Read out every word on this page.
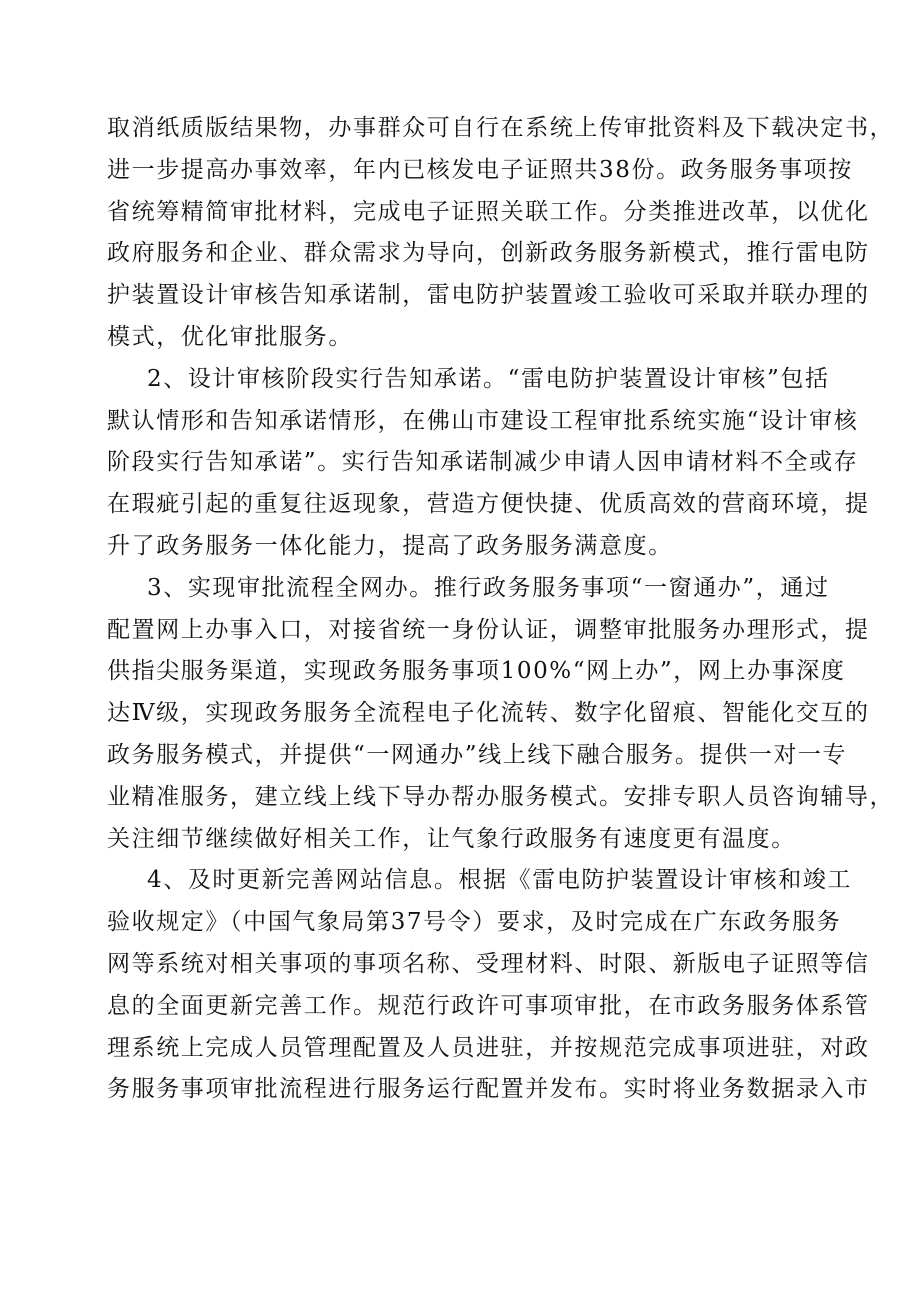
取消纸质版结果物，办事群众可自行在系统上传审批资料及下载决定书，
进一步提高办事效率，年内已核发电子证照共38份。政务服务事项按
省统筹精简审批材料，完成电子证照关联工作。分类推进改革，以优化
政府服务和企业、群众需求为导向，创新政务服务新模式，推行雷电防
护装置设计审核告知承诺制，雷电防护装置竣工验收可采取并联办理的
模式，优化审批服务。
2、设计审核阶段实行告知承诺。“雷电防护装置设计审核”包括
默认情形和告知承诺情形，在佛山市建设工程审批系统实施“设计审核
阶段实行告知承诺”。实行告知承诺制减少申请人因申请材料不全或存
在瑕疵引起的重复往返现象，营造方便快捷、优质高效的营商环境，提
升了政务服务一体化能力，提高了政务服务满意度。
3、实现审批流程全网办。推行政务服务事项“一窗通办”，通过
配置网上办事入口，对接省统一身份认证，调整审批服务办理形式，提
供指尖服务渠道，实现政务服务事项100%“网上办”，网上办事深度
达Ⅳ级，实现政务服务全流程电子化流转、数字化留痕、智能化交互的
政务服务模式，并提供“一网通办”线上线下融合服务。提供一对一专
业精准服务，建立线上线下导办帮办服务模式。安排专职人员咨询辅导，
关注细节继续做好相关工作，让气象行政服务有速度更有温度。
4、及时更新完善网站信息。根据《雷电防护装置设计审核和竣工
验收规定》（中国气象局第37号令）要求，及时完成在广东政务服务
网等系统对相关事项的事项名称、受理材料、时限、新版电子证照等信
息的全面更新完善工作。规范行政许可事项审批，在市政务服务体系管
理系统上完成人员管理配置及人员进驻，并按规范完成事项进驻，对政
务服务事项审批流程进行服务运行配置并发布。实时将业务数据录入市
